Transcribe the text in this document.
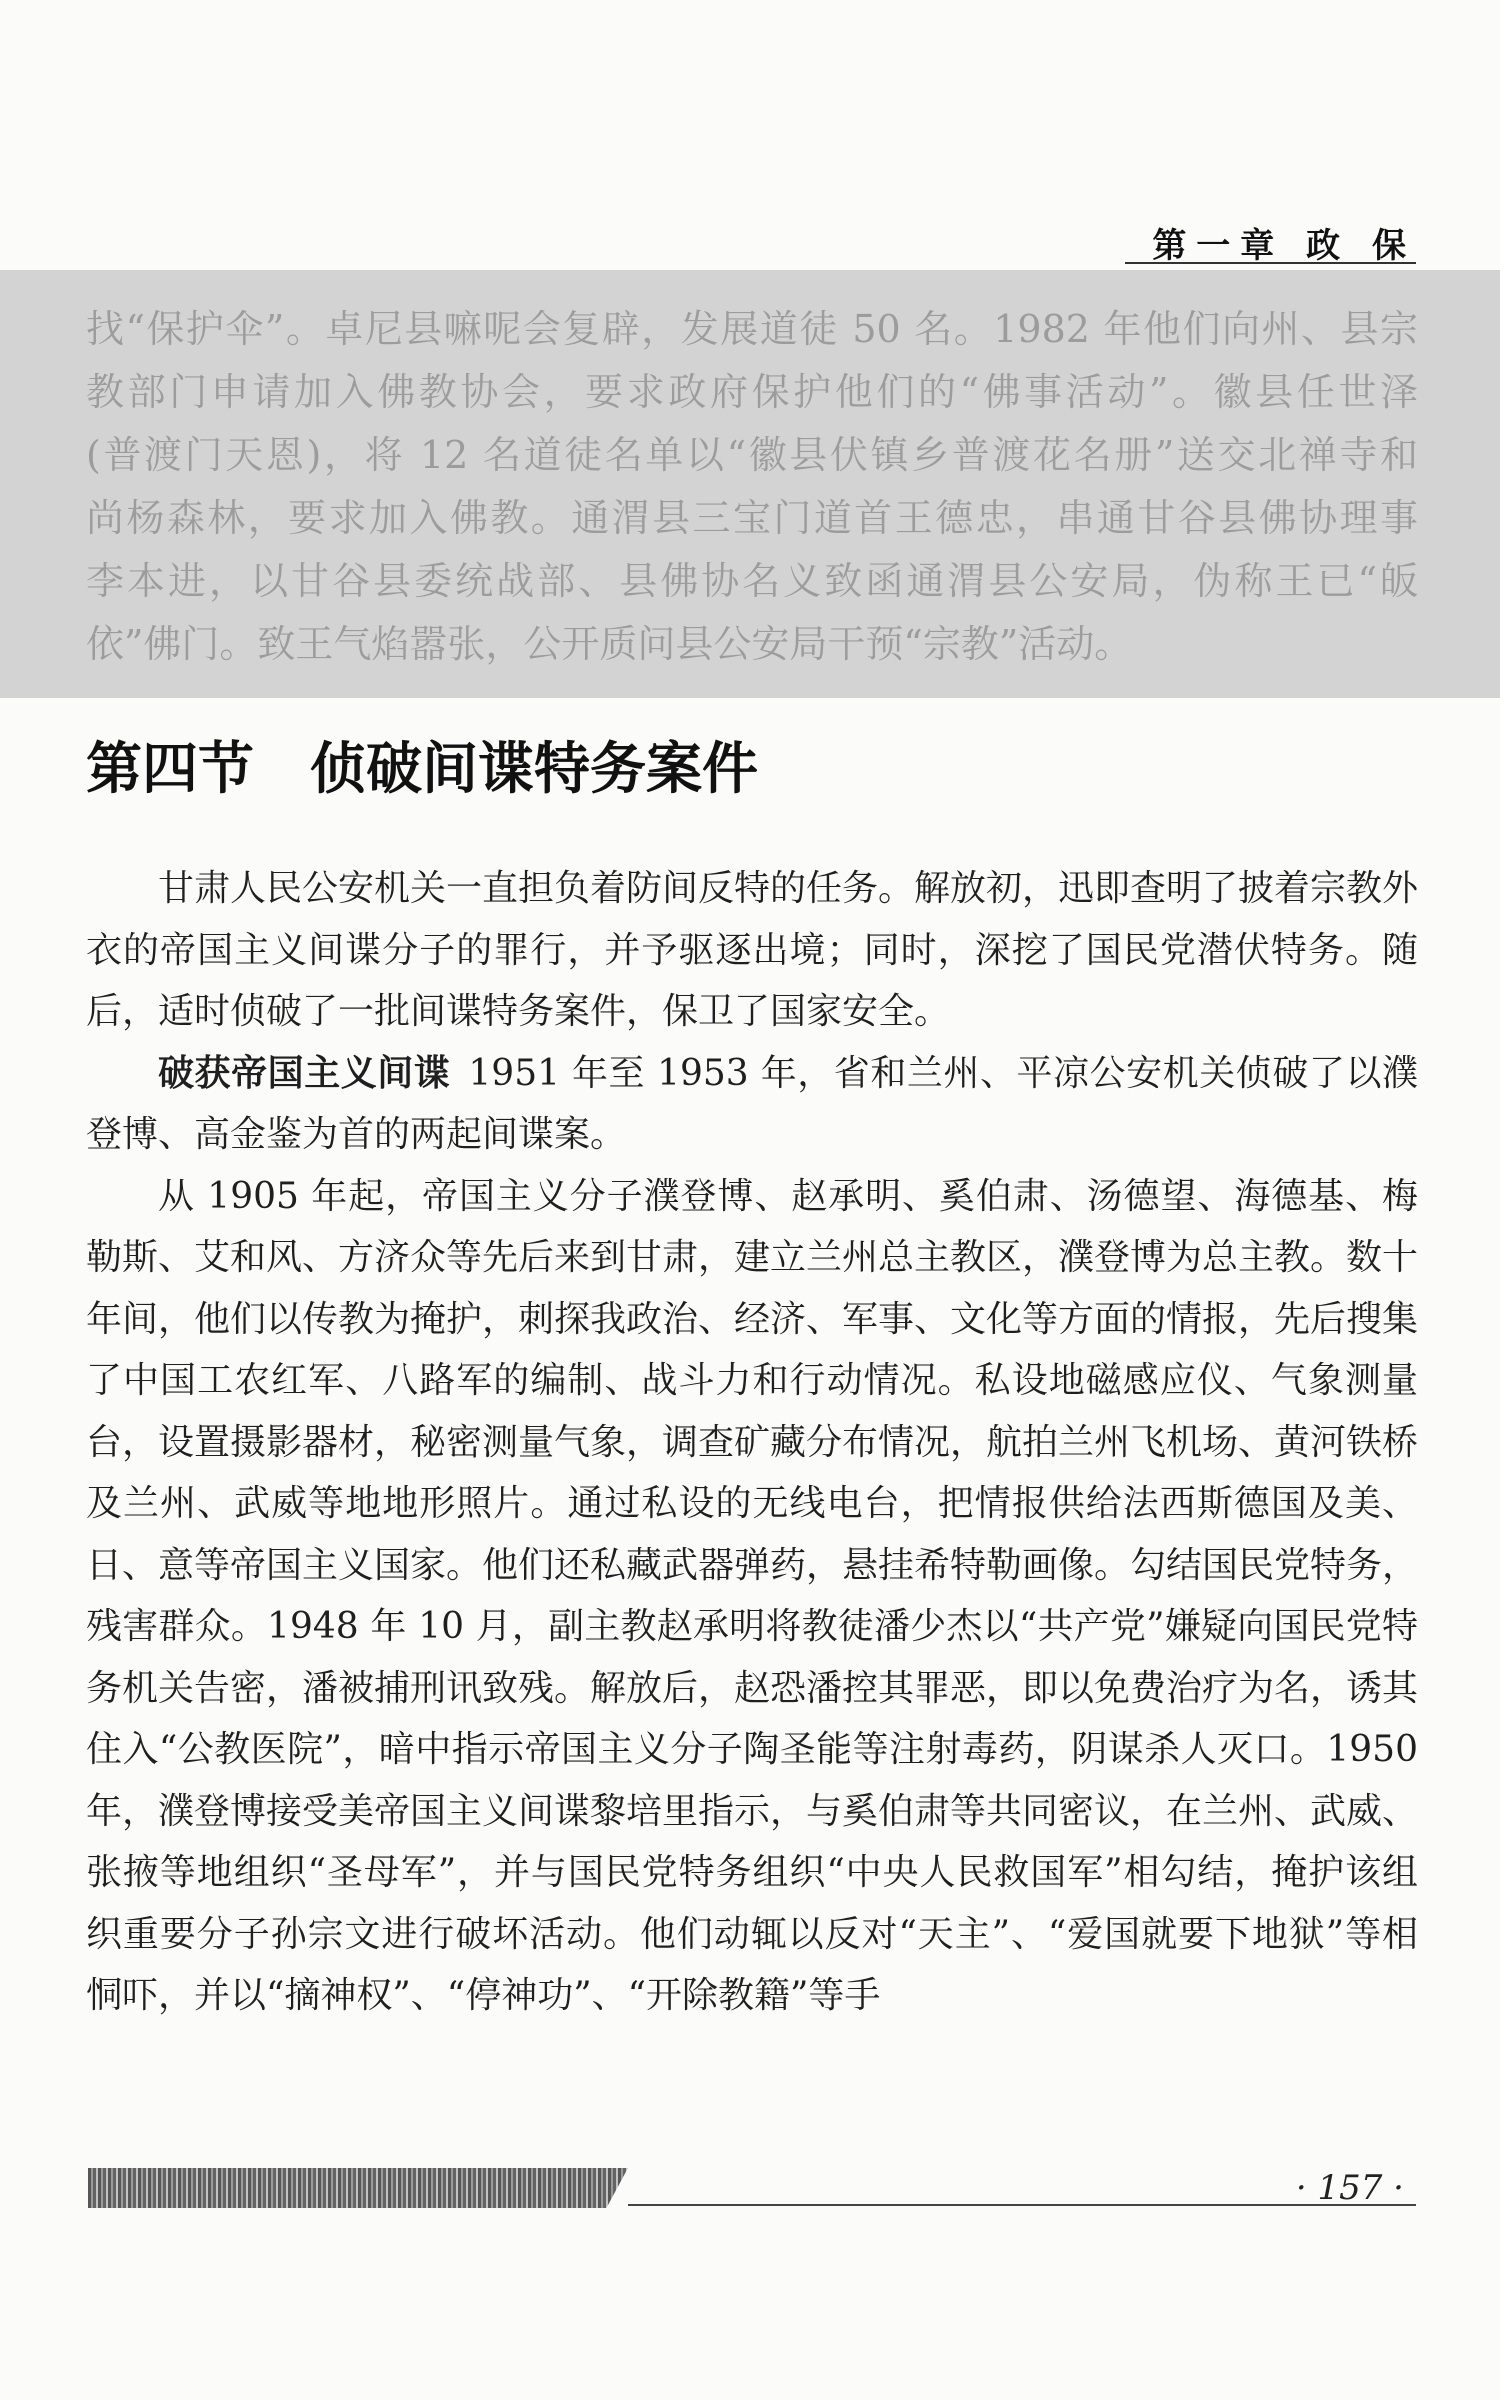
第一章 政 保

找“保护伞”。卓尼县嘛呢会复辟，发展道徒 50 名。1982 年他们向州、县宗

教部门申请加入佛教协会，要求政府保护他们的“佛事活动”。徽县任世泽

(普渡门天恩)，将 12 名道徒名单以“徽县伏镇乡普渡花名册”送交北禅寺和

尚杨森林，要求加入佛教。通渭县三宝门道首王德忠，串通甘谷县佛协理事

李本进，以甘谷县委统战部、县佛协名义致函通渭县公安局，伪称王已“皈

依”佛门。致王气焰嚣张，公开质问县公安局干预“宗教”活动。

第四节　侦破间谍特务案件

甘肃人民公安机关一直担负着防间反特的任务。解放初，迅即查明了披着宗教外衣的帝国主义间谍分子的罪行，并予驱逐出境；同时，深挖了国民党潜伏特务。随后，适时侦破了一批间谍特务案件，保卫了国家安全。

破获帝国主义间谍 1951 年至 1953 年，省和兰州、平凉公安机关侦破了以濮登博、高金鉴为首的两起间谍案。

从 1905 年起，帝国主义分子濮登博、赵承明、奚伯肃、汤德望、海德基、梅勒斯、艾和风、方济众等先后来到甘肃，建立兰州总主教区，濮登博为总主教。数十年间，他们以传教为掩护，刺探我政治、经济、军事、文化等方面的情报，先后搜集了中国工农红军、八路军的编制、战斗力和行动情况。私设地磁感应仪、气象测量台，设置摄影器材，秘密测量气象，调查矿藏分布情况，航拍兰州飞机场、黄河铁桥及兰州、武威等地地形照片。通过私设的无线电台，把情报供给法西斯德国及美、日、意等帝国主义国家。他们还私藏武器弹药，悬挂希特勒画像。勾结国民党特务，残害群众。1948 年 10 月，副主教赵承明将教徒潘少杰以“共产党”嫌疑向国民党特务机关告密，潘被捕刑讯致残。解放后，赵恐潘控其罪恶，即以免费治疗为名，诱其住入“公教医院”，暗中指示帝国主义分子陶圣能等注射毒药，阴谋杀人灭口。1950 年，濮登博接受美帝国主义间谍黎培里指示，与奚伯肃等共同密议，在兰州、武威、张掖等地组织“圣母军”，并与国民党特务组织“中央人民救国军”相勾结，掩护该组织重要分子孙宗文进行破坏活动。他们动辄以反对“天主”、“爱国就要下地狱”等相恫吓，并以“摘神权”、“停神功”、“开除教籍”等手

· 157 ·
